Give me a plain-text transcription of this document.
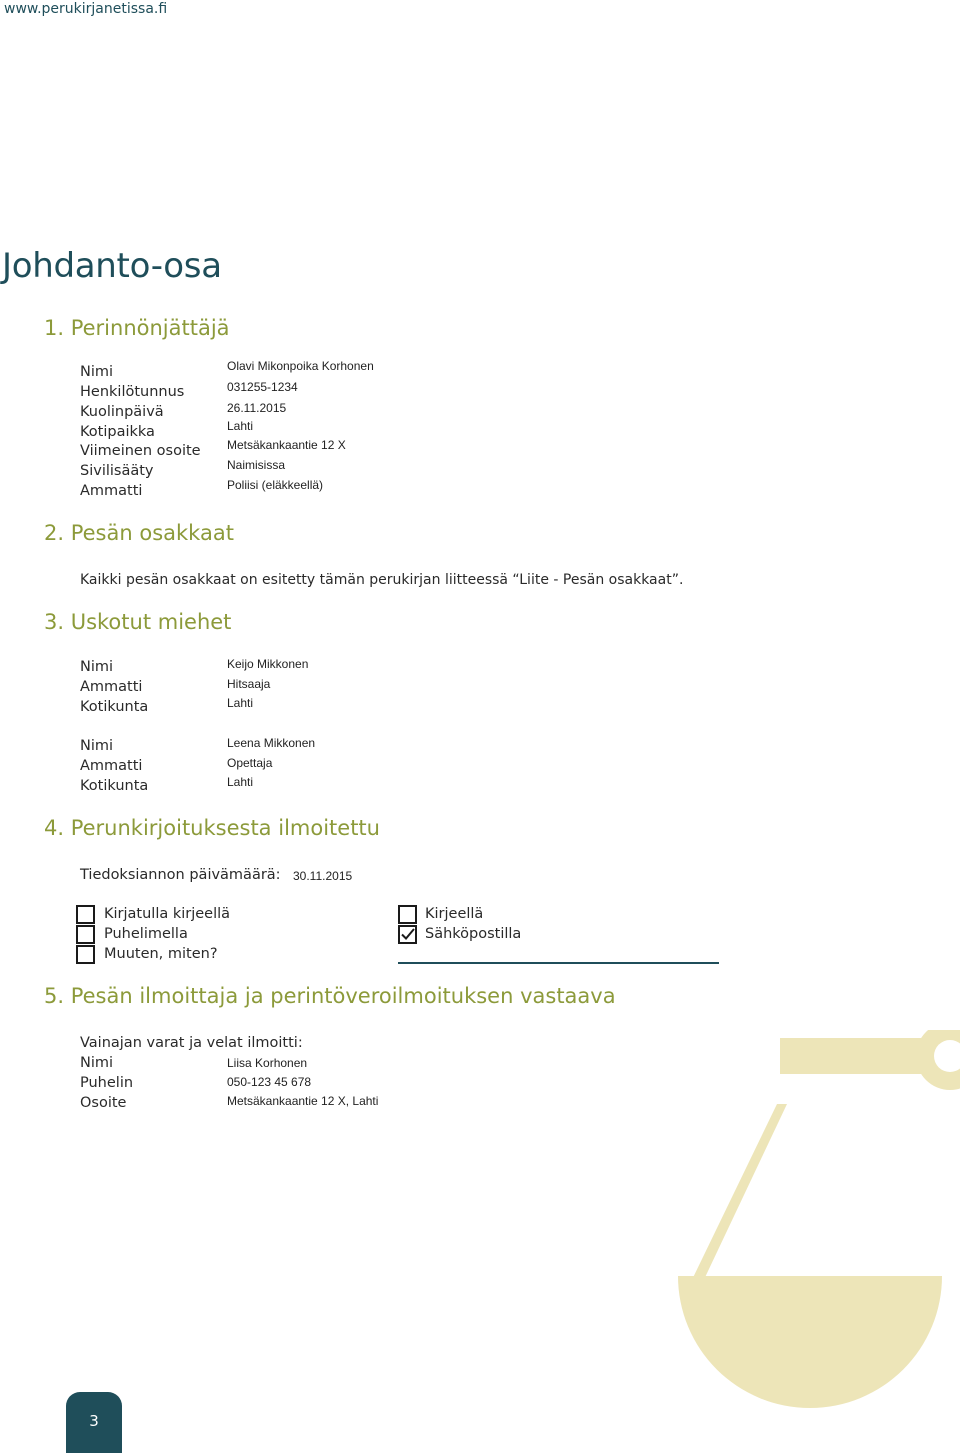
www.perukirjanetissa.fi
Johdanto-osa
1. Perinnönjättäjä
Nimi
Henkilötunnus
Kuolinpäivä
Kotipaikka
Viimeinen osoite
Sivilisääty
Ammatti
Olavi Mikonpoika Korhonen
031255-1234
26.11.2015
Lahti
Metsäkankaantie 12 X
Naimisissa
Poliisi (eläkkeellä)
2. Pesän osakkaat
Kaikki pesän osakkaat on esitetty tämän perukirjan liitteessä “Liite - Pesän osakkaat”.
3. Uskotut miehet
Nimi
Ammatti
Kotikunta
Keijo Mikkonen
Hitsaaja
Lahti
Nimi
Ammatti
Kotikunta
Leena Mikkonen
Opettaja
Lahti
4. Perunkirjoituksesta ilmoitettu
Tiedoksiannon päivämäärä: 30.11.2015
Kirjatulla kirjeellä
Puhelimella
Muuten, miten?
Kirjeellä
Sähköpostilla
5. Pesän ilmoittaja ja perintöveroilmoituksen vastaava
Vainajan varat ja velat ilmoitti:
Nimi
Puhelin
Osoite
Liisa Korhonen
050-123 45 678
Metsäkankaantie 12 X, Lahti
3
